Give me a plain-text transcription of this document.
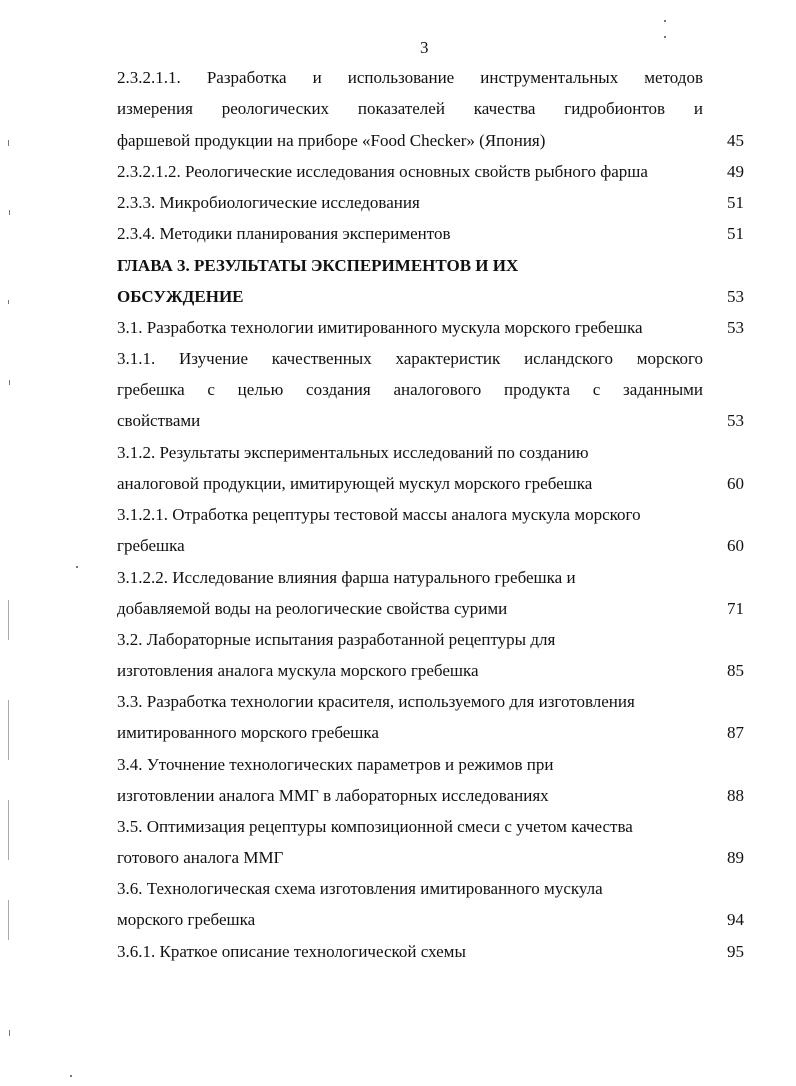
3
2.3.2.1.1. Разработка и использование инструментальных методов
измерения реологических показателей качества гидробионтов и
фаршевой продукции на приборе «Food Checker» (Япония)	45
2.3.2.1.2. Реологические исследования основных свойств рыбного фарша	49
2.3.3. Микробиологические исследования	51
2.3.4. Методики планирования экспериментов	51
ГЛАВА 3. РЕЗУЛЬТАТЫ ЭКСПЕРИМЕНТОВ И ИХ
ОБСУЖДЕНИЕ	53
3.1. Разработка технологии имитированного мускула морского гребешка	53
3.1.1. Изучение качественных характеристик исландского морского
гребешка с целью создания аналогового продукта с заданными
свойствами	53
3.1.2. Результаты экспериментальных исследований по созданию
аналоговой продукции, имитирующей мускул морского гребешка	60
3.1.2.1. Отработка рецептуры тестовой массы аналога мускула морского
гребешка	60
3.1.2.2. Исследование влияния фарша натурального гребешка и
добавляемой воды на реологические свойства сурими	71
3.2. Лабораторные испытания разработанной рецептуры для
изготовления аналога мускула морского гребешка	85
3.3. Разработка технологии красителя, используемого для изготовления
имитированного морского гребешка	87
3.4. Уточнение технологических параметров и режимов при
изготовлении аналога ММГ в лабораторных исследованиях	88
3.5. Оптимизация рецептуры композиционной смеси с учетом качества
готового аналога ММГ	89
3.6. Технологическая схема изготовления имитированного мускула
морского гребешка	94
3.6.1. Краткое описание технологической схемы	95
